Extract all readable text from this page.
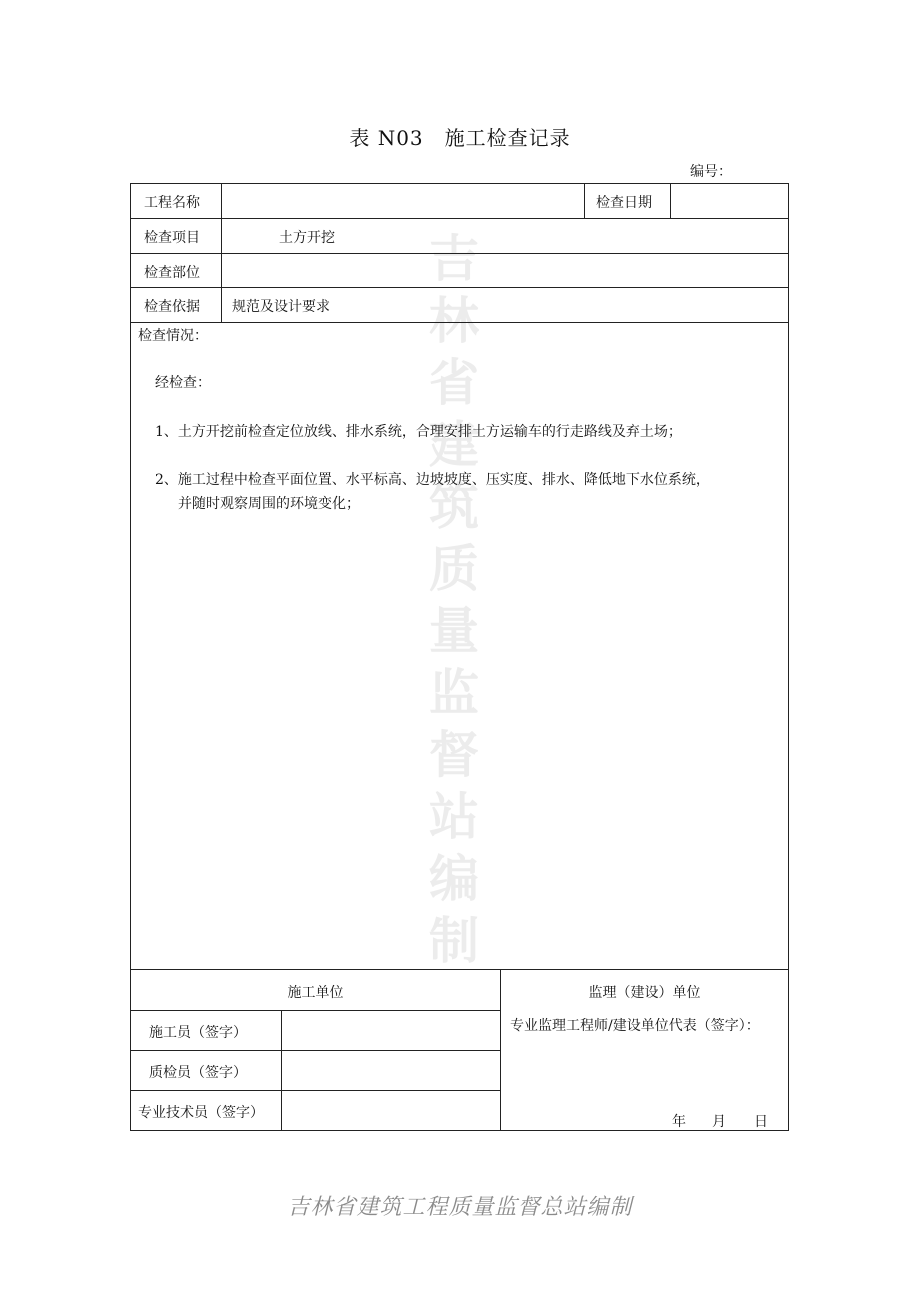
吉林省建筑质量监督站编制
表 N03　施工检查记录
编号：
工程名称	检查日期
检查项目	土方开挖
检查部位
检查依据 规范及设计要求
检查情况：
经检查：
1、土方开挖前检查定位放线、排水系统，合理安排土方运输车的行走路线及弃土场；
2、施工过程中检查平面位置、水平标高、边坡坡度、压实度、排水、降低地下水位系统，
并随时观察周围的环境变化；
施工单位	监理（建设）单位
施工员（签字）
质检员（签字）
专业技术员（签字）
专业监理工程师/建设单位代表（签字）：
年 月 日
吉林省建筑工程质量监督总站编制
